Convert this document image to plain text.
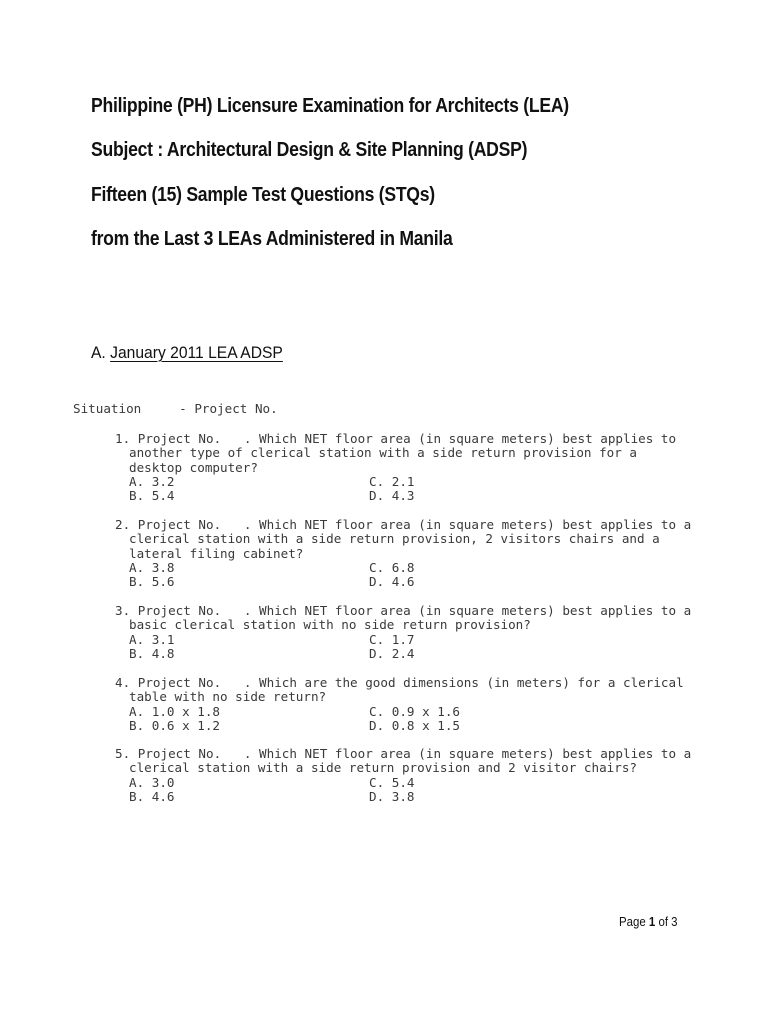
Philippine (PH) Licensure Examination for Architects (LEA)
Subject : Architectural Design & Site Planning (ADSP)
Fifteen (15) Sample Test Questions (STQs)
from the Last 3 LEAs Administered in Manila
A. January 2011 LEA ADSP
Situation     - Project No.
1. Project No.   . Which NET floor area (in square meters) best applies to
another type of clerical station with a side return provision for a
desktop computer?
A. 3.2	C. 2.1
B. 5.4	D. 4.3
2. Project No.   . Which NET floor area (in square meters) best applies to a
clerical station with a side return provision, 2 visitors chairs and a
lateral filing cabinet?
A. 3.8	C. 6.8
B. 5.6	D. 4.6
3. Project No.   . Which NET floor area (in square meters) best applies to a
basic clerical station with no side return provision?
A. 3.1	C. 1.7
B. 4.8	D. 2.4
4. Project No.   . Which are the good dimensions (in meters) for a clerical
table with no side return?
A. 1.0 x 1.8	C. 0.9 x 1.6
B. 0.6 x 1.2	D. 0.8 x 1.5
5. Project No.   . Which NET floor area (in square meters) best applies to a
clerical station with a side return provision and 2 visitor chairs?
A. 3.0	C. 5.4
B. 4.6	D. 3.8
Page 1 of 3
